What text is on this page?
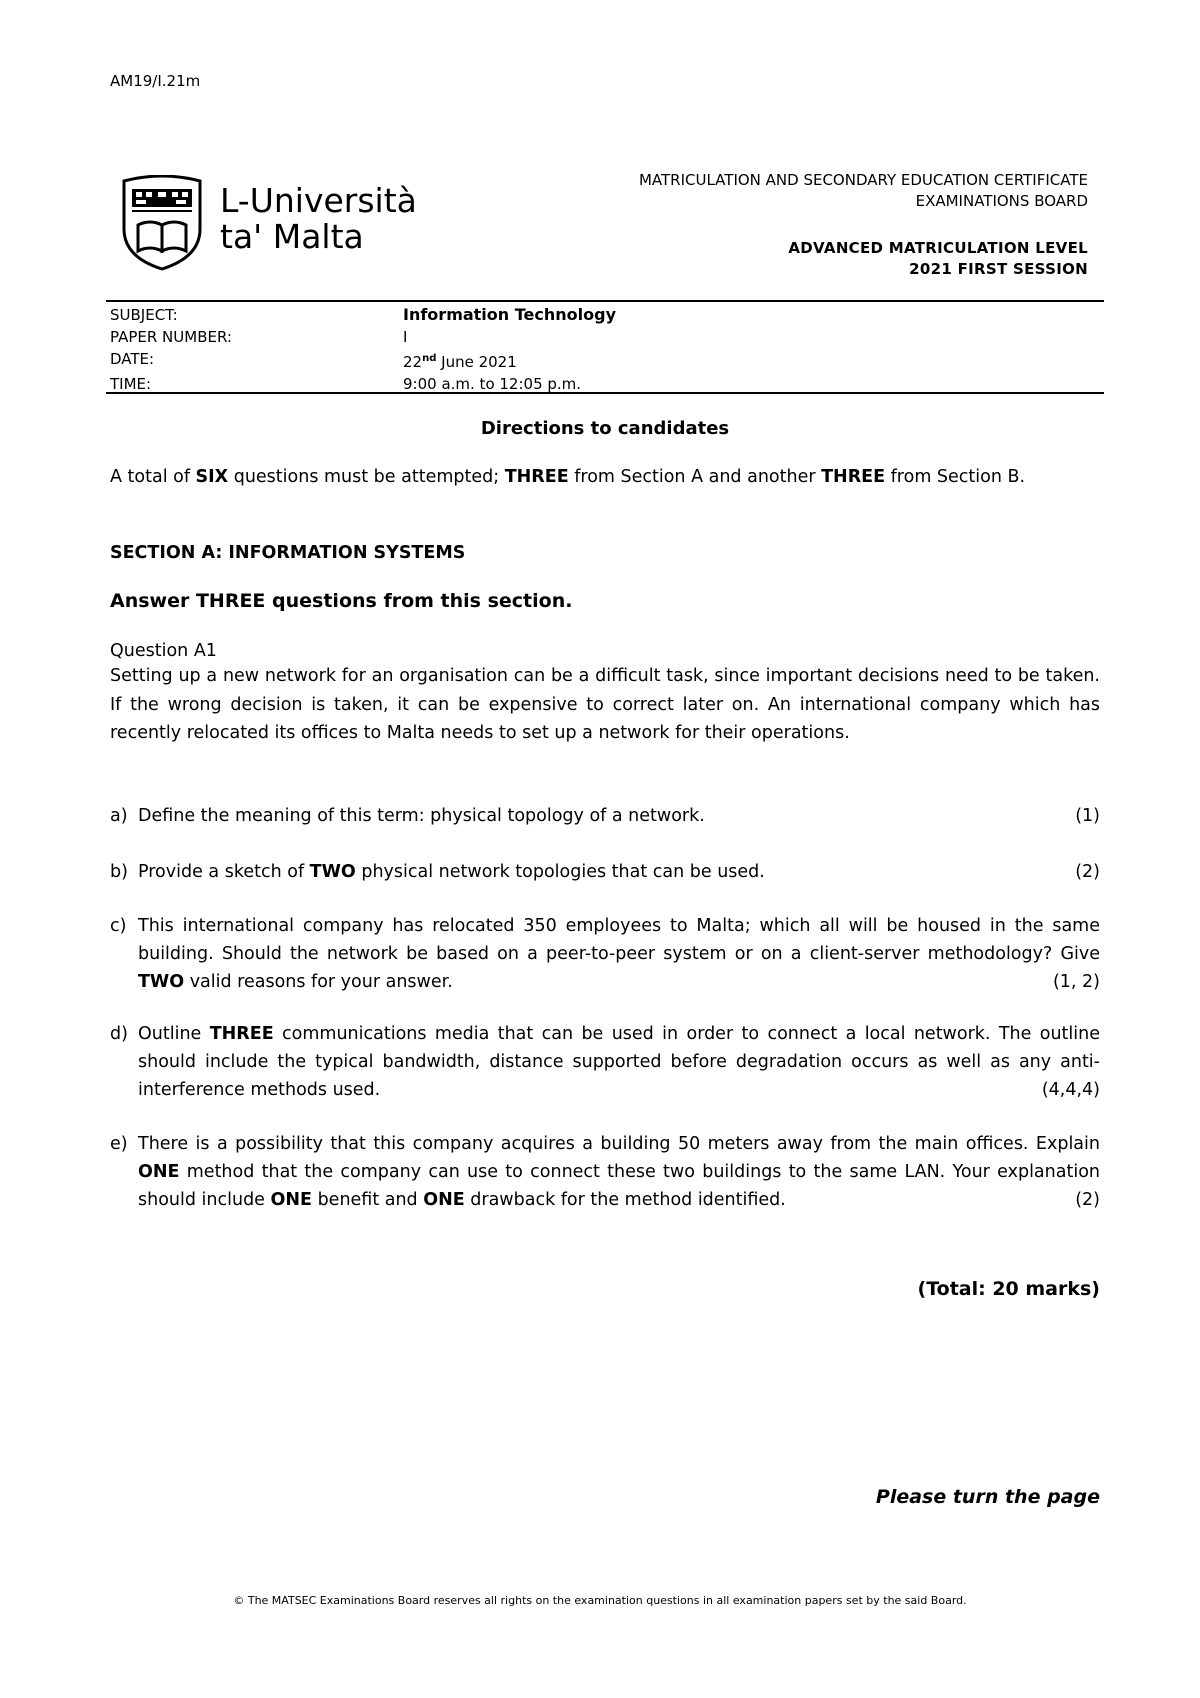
AM19/I.21m
L-Università
ta' Malta
MATRICULATION AND SECONDARY EDUCATION CERTIFICATE
EXAMINATIONS BOARD
ADVANCED MATRICULATION LEVEL
2021 FIRST SESSION
SUBJECT:	Information Technology
PAPER NUMBER:	I
DATE:	22nd June 2021
TIME:	9:00 a.m. to 12:05 p.m.
Directions to candidates
A total of SIX questions must be attempted; THREE from Section A and another THREE from Section B.
SECTION A: INFORMATION SYSTEMS
Answer THREE questions from this section.
Question A1
Setting up a new network for an organisation can be a difficult task, since important decisions need to be taken. If the wrong decision is taken, it can be expensive to correct later on. An international company which has recently relocated its offices to Malta needs to set up a network for their operations.
a) Define the meaning of this term: physical topology of a network.	(1)
b) Provide a sketch of TWO physical network topologies that can be used.	(2)
c) This international company has relocated 350 employees to Malta; which all will be housed in the same building. Should the network be based on a peer-to-peer system or on a client-server methodology? Give TWO valid reasons for your answer.	(1, 2)
d) Outline THREE communications media that can be used in order to connect a local network. The outline should include the typical bandwidth, distance supported before degradation occurs as well as any anti-interference methods used.	(4,4,4)
e) There is a possibility that this company acquires a building 50 meters away from the main offices. Explain ONE method that the company can use to connect these two buildings to the same LAN. Your explanation should include ONE benefit and ONE drawback for the method identified.	(2)
(Total: 20 marks)
Please turn the page
© The MATSEC Examinations Board reserves all rights on the examination questions in all examination papers set by the said Board.
